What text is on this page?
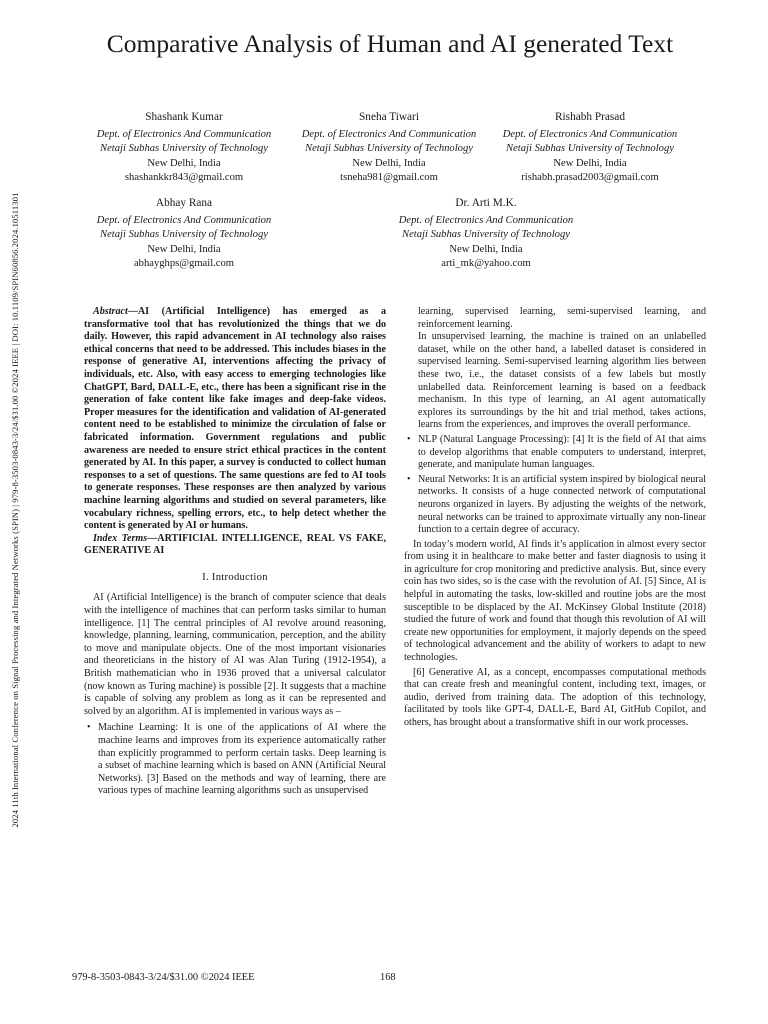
2024 11th International Conference on Signal Processing and Integrated Networks (SPIN) | 979-8-3503-0843-3/24/$31.00 ©2024 IEEE | DOI: 10.1109/SPIN60856.2024.10511301
Comparative Analysis of Human and AI generated Text
Shashank Kumar
Dept. of Electronics And Communication
Netaji Subhas University of Technology
New Delhi, India
shashankkr843@gmail.com
Sneha Tiwari
Dept. of Electronics And Communication
Netaji Subhas University of Technology
New Delhi, India
tsneha981@gmail.com
Rishabh Prasad
Dept. of Electronics And Communication
Netaji Subhas University of Technology
New Delhi, India
rishabh.prasad2003@gmail.com
Abhay Rana
Dept. of Electronics And Communication
Netaji Subhas University of Technology
New Delhi, India
abhayghps@gmail.com
Dr. Arti M.K.
Dept. of Electronics And Communication
Netaji Subhas University of Technology
New Delhi, India
arti_mk@yahoo.com
Abstract—AI (Artificial Intelligence) has emerged as a transformative tool that has revolutionized the things that we do daily. However, this rapid advancement in AI technology also raises ethical concerns that need to be addressed. This includes biases in the response of generative AI, interventions affecting the privacy of individuals, etc. Also, with easy access to emerging technologies like ChatGPT, Bard, DALL-E, etc., there has been a significant rise in the generation of fake content like fake images and deep-fake videos. Proper measures for the identification and validation of AI-generated content need to be established to minimize the circulation of false or fabricated information. Government regulations and public awareness are needed to ensure strict ethical practices in the content generated by AI. In this paper, a survey is conducted to collect human responses to a set of questions. The same questions are fed to AI tools to generate responses. These responses are then analyzed by various machine learning algorithms and studied on several parameters, like vocabulary richness, spelling errors, etc., to help detect whether the content is generated by AI or humans.
Index Terms—ARTIFICIAL INTELLIGENCE, REAL VS FAKE, GENERATIVE AI
I. Introduction
AI (Artificial Intelligence) is the branch of computer science that deals with the intelligence of machines that can perform tasks similar to human intelligence. [1] The central principles of AI revolve around reasoning, knowledge, planning, learning, communication, perception, and the ability to move and manipulate objects. One of the most important visionaries and theoreticians in the history of AI was Alan Turing (1912-1954), a British mathematician who in 1936 proved that a universal calculator (now known as Turing machine) is possible [2]. It suggests that a machine is capable of solving any problem as long as it can be represented and solved by an algorithm. AI is implemented in various ways as –
• Machine Learning: It is one of the applications of AI where the machine learns and improves from its experience automatically rather than explicitly programmed to perform certain tasks. Deep learning is a subset of machine learning which is based on ANN (Artificial Neural Networks). [3] Based on the methods and way of learning, there are various types of machine learning algorithms such as unsupervised
learning, supervised learning, semi-supervised learning, and reinforcement learning.
In unsupervised learning, the machine is trained on an unlabelled dataset, while on the other hand, a labelled dataset is considered in supervised learning. Semi-supervised learning algorithm lies between these two, i.e., the dataset consists of a few labels but mostly unlabelled data. Reinforcement learning is based on a feedback mechanism. In this type of learning, an AI agent automatically explores its surroundings by the hit and trial method, takes actions, learns from the experiences, and improves the overall performance.
• NLP (Natural Language Processing): [4] It is the field of AI that aims to develop algorithms that enable computers to understand, interpret, generate, and manipulate human languages.
• Neural Networks: It is an artificial system inspired by biological neural networks. It consists of a huge connected network of computational neurons organized in layers. By adjusting the weights of the network, neural networks can be trained to approximate virtually any non-linear function to a certain degree of accuracy.
In today’s modern world, AI finds it’s application in almost every sector from using it in healthcare to make better and faster diagnosis to using it in agriculture for crop monitoring and predictive analysis. But, since every coin has two sides, so is the case with the revolution of AI. [5] Since, AI is helpful in automating the tasks, low-skilled and routine jobs are the most susceptible to be displaced by the AI. McKinsey Global Institute (2018) studied the future of work and found that though this revolution of AI will create new opportunities for employment, it majorly depends on the speed of technological advancement and the ability of workers to adapt to new technologies.
[6] Generative AI, as a concept, encompasses computational methods that can create fresh and meaningful content, including text, images, or audio, derived from training data. The adoption of this technology, facilitated by tools like GPT-4, DALL-E, Bard AI, GitHub Copilot, and others, has brought about a transformative shift in our work processes.
979-8-3503-0843-3/24/$31.00 ©2024 IEEE	168
